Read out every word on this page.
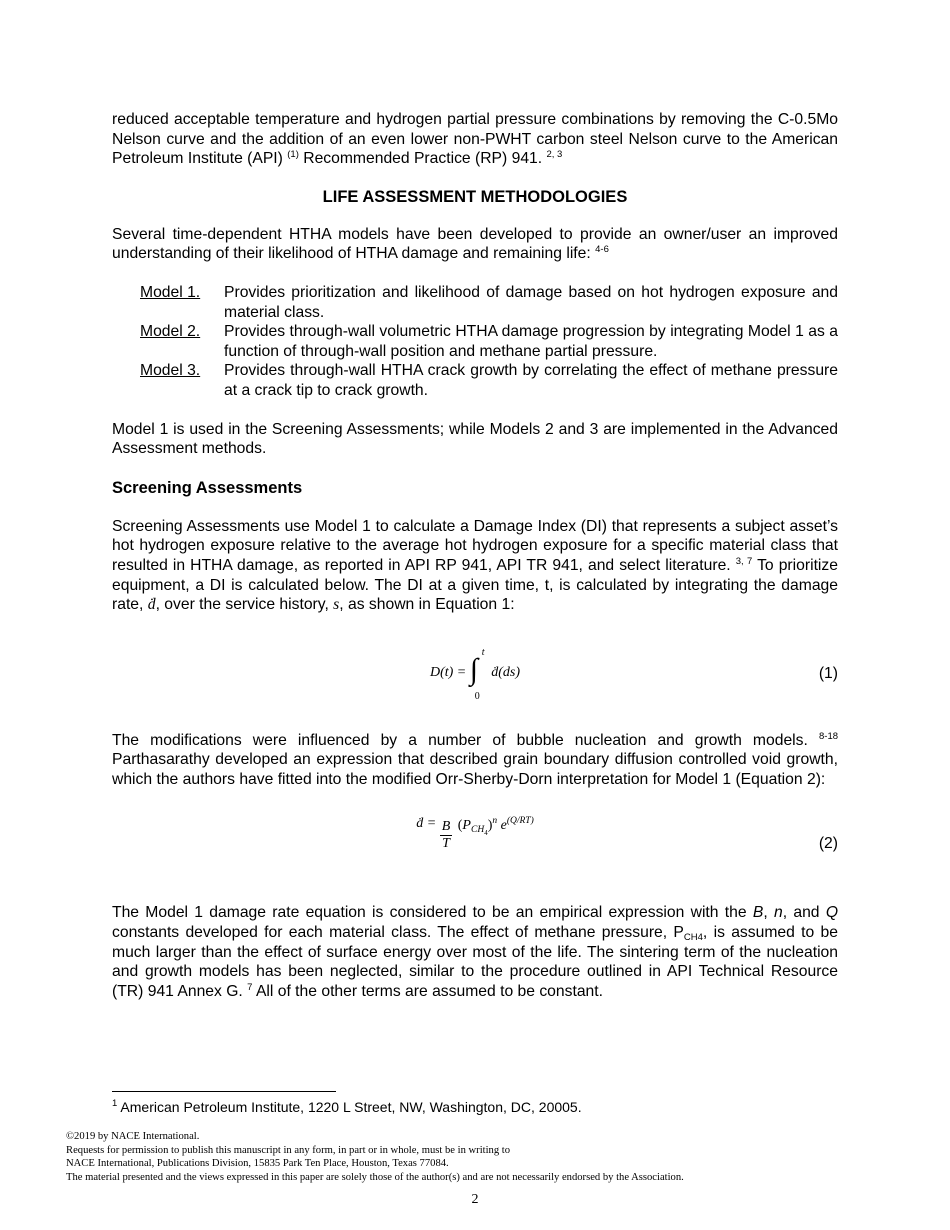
reduced acceptable temperature and hydrogen partial pressure combinations by removing the C-0.5Mo Nelson curve and the addition of an even lower non-PWHT carbon steel Nelson curve to the American Petroleum Institute (API) $^{(1)}$ Recommended Practice (RP) 941. $^{2, 3}$

LIFE ASSESSMENT METHODOLOGIES

Several time-dependent HTHA models have been developed to provide an owner/user an improved understanding of their likelihood of HTHA damage and remaining life: $^{4-6}$

Model 1.	Provides prioritization and likelihood of damage based on hot hydrogen exposure and material class.
Model 2.	Provides through-wall volumetric HTHA damage progression by integrating Model 1 as a function of through-wall position and methane partial pressure.
Model 3.	Provides through-wall HTHA crack growth by correlating the effect of methane pressure at a crack tip to crack growth.

Model 1 is used in the Screening Assessments; while Models 2 and 3 are implemented in the Advanced Assessment methods.

Screening Assessments

Screening Assessments use Model 1 to calculate a Damage Index (DI) that represents a subject asset’s hot hydrogen exposure relative to the average hot hydrogen exposure for a specific material class that resulted in HTHA damage, as reported in API RP 941, API TR 941, and select literature. $^{3, 7}$ To prioritize equipment, a DI is calculated below. The DI at a given time, t, is calculated by integrating the damage rate, ḋ, over the service history, s, as shown in Equation 1:

D(t) = ∫
t
0
ḋ(ds)	(1)

The modifications were influenced by a number of bubble nucleation and growth models. $^{8-18}$ Parthasarathy developed an expression that described grain boundary diffusion controlled void growth, which the authors have fitted into the modified Orr-Sherby-Dorn interpretation for Model 1 (Equation 2):

ḋ = $\frac{B}{T} (P_{CH4})^n$ $e^{(Q/RT)}$
(2)

The Model 1 damage rate equation is considered to be an empirical expression with the B, n, and Q constants developed for each material class. The effect of methane pressure, $P_{CH4}$, is assumed to be much larger than the effect of surface energy over most of the life. The sintering term of the nucleation and growth models has been neglected, similar to the procedure outlined in API Technical Resource (TR) 941 Annex G. $^7$ All of the other terms are assumed to be constant.

$^1$ American Petroleum Institute, 1220 L Street, NW, Washington, DC, 20005.
©2019 by NACE International.
Requests for permission to publish this manuscript in any form, in part or in whole, must be in writing to
NACE International, Publications Division, 15835 Park Ten Place, Houston, Texas 77084.
The material presented and the views expressed in this paper are solely those of the author(s) and are not necessarily endorsed by the Association.
2
